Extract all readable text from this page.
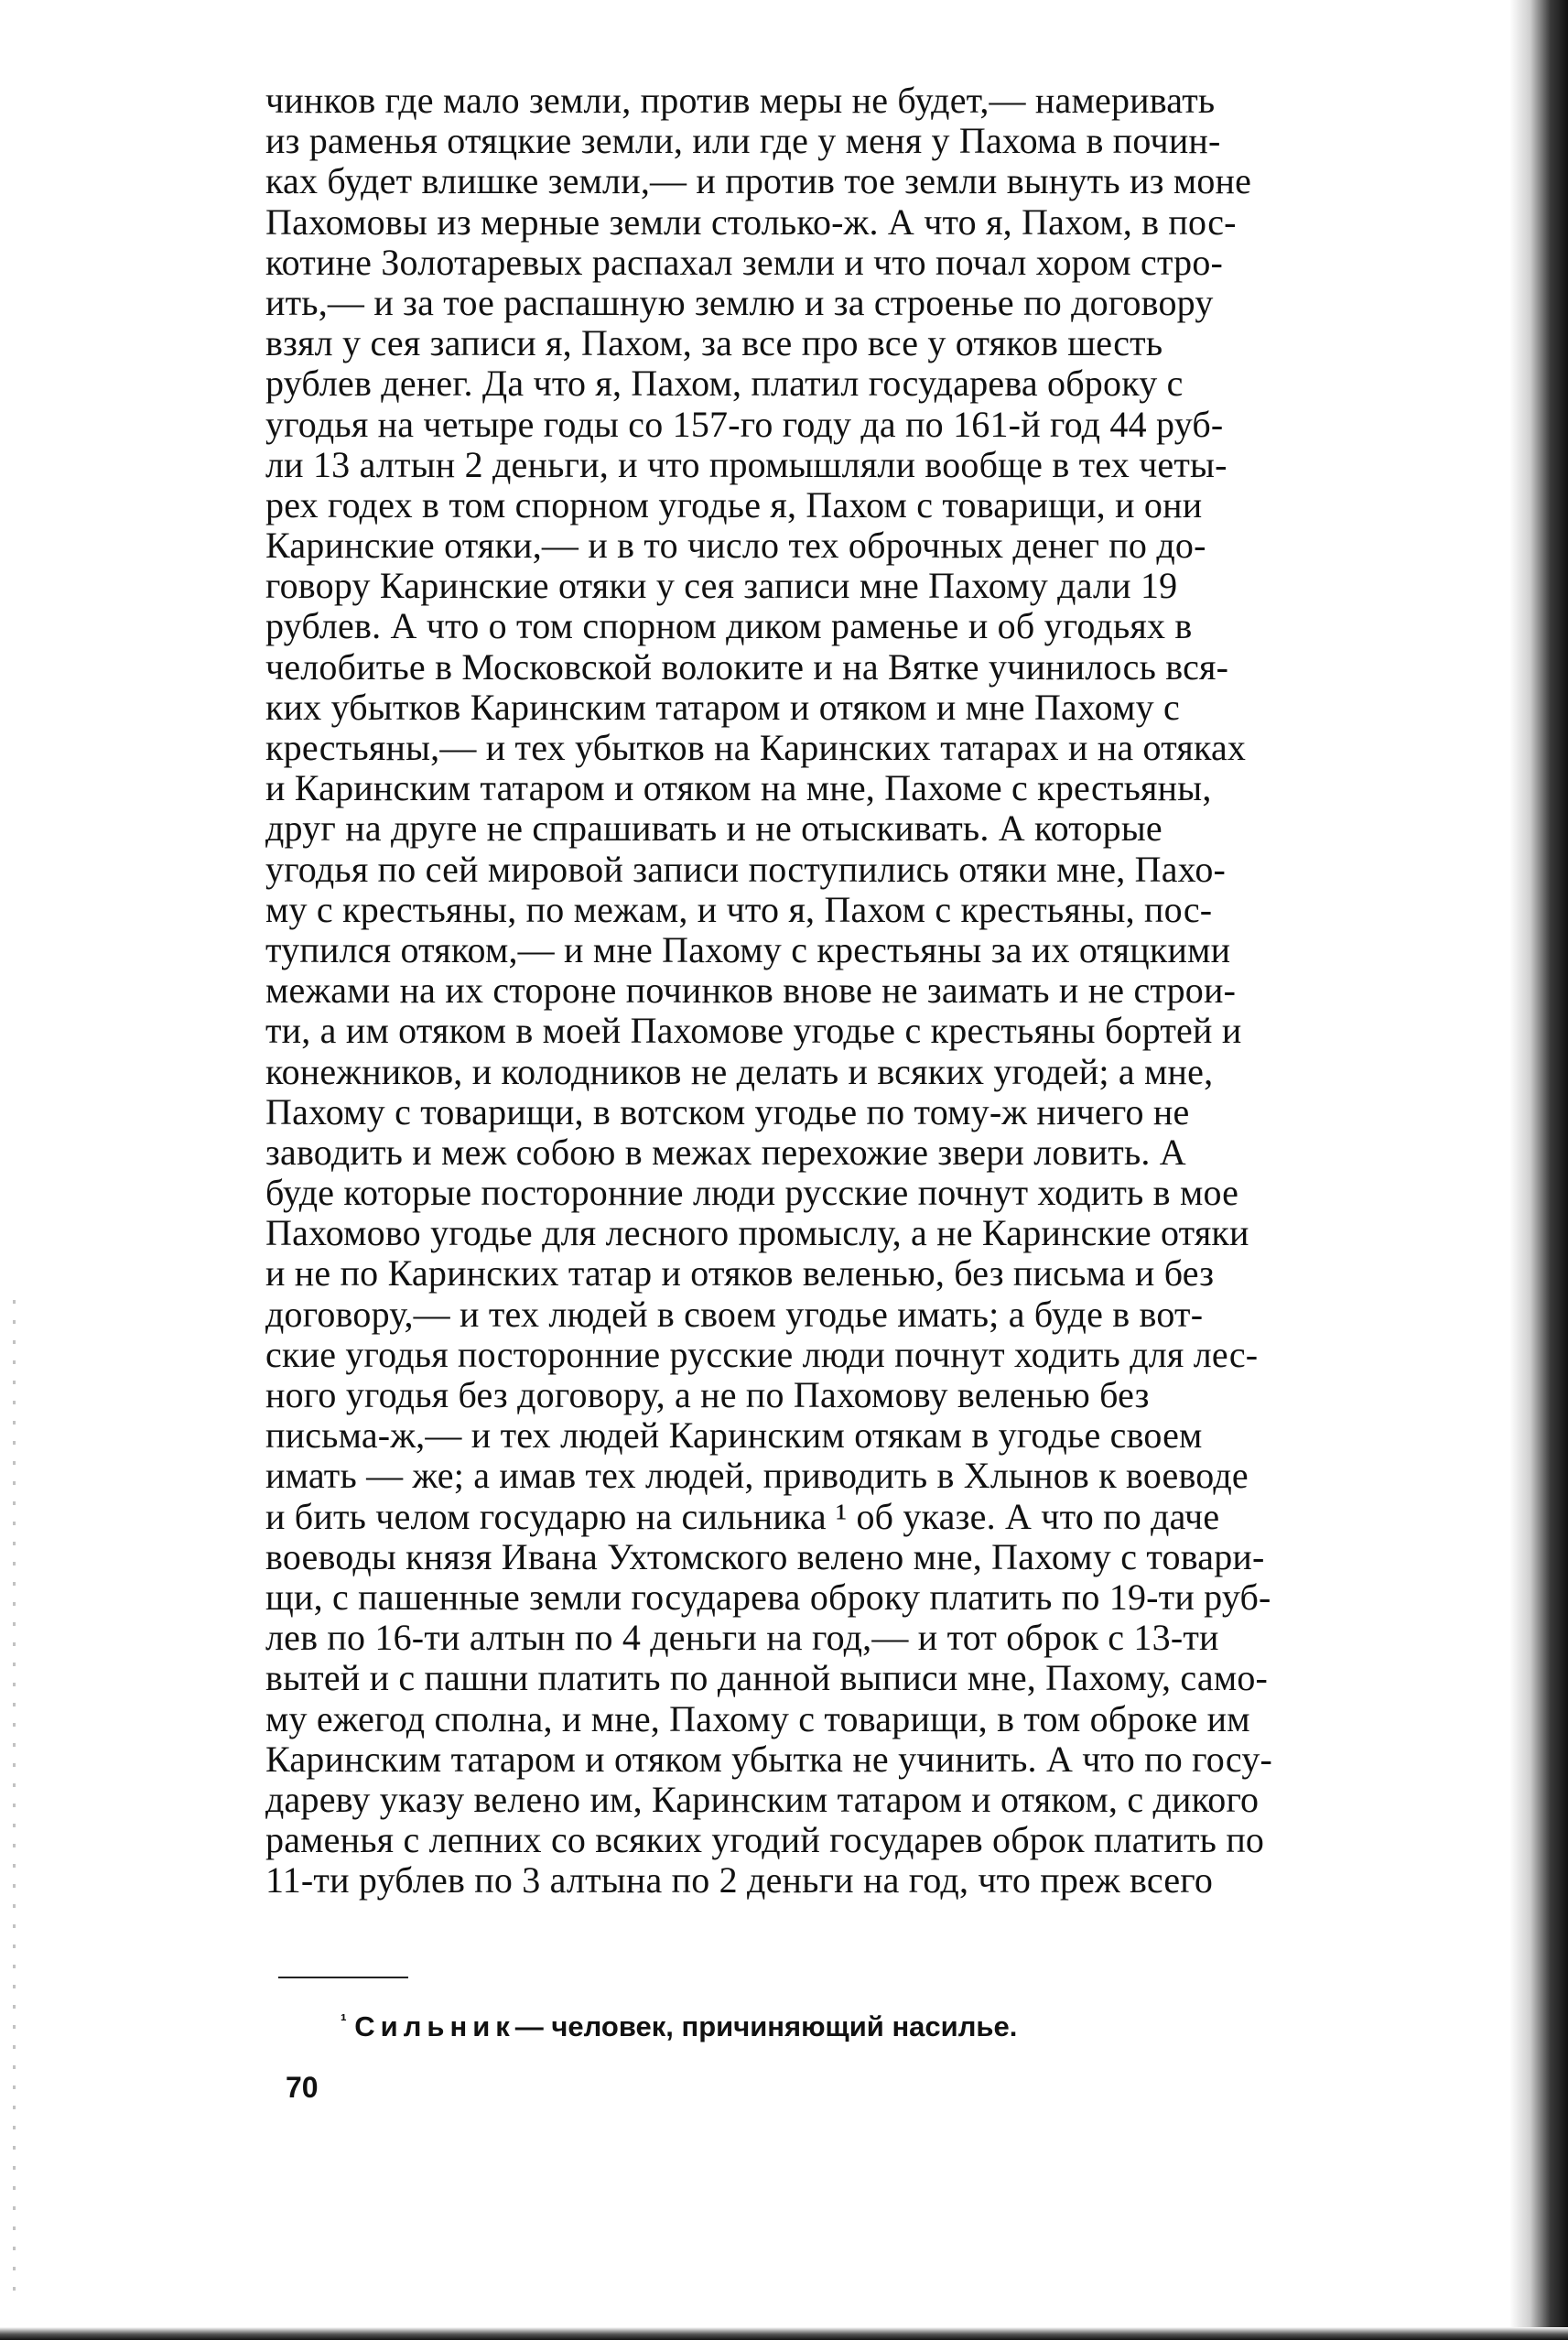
чинков где мало земли, против меры не будет,— намеривать
из раменья отяцкие земли, или где у меня у Пахома в почин-
ках будет влишке земли,— и против тое земли вынуть из моне
Пахомовы из мерные земли столько-ж. А что я, Пахом, в пос-
котине Золотаревых распахал земли и что почал хором стро-
ить,— и за тое распашную землю и за строенье по договору
взял у сея записи я, Пахом, за все про все у отяков шесть
рублев денег. Да что я, Пахом, платил государева оброку с
угодья на четыре годы со 157-го году да по 161-й год 44 руб-
ли 13 алтын 2 деньги, и что промышляли вообще в тех четы-
рех годех в том спорном угодье я, Пахом с товарищи, и они
Каринские отяки,— и в то число тех оброчных денег по до-
говору Каринские отяки у сея записи мне Пахому дали 19
рублев. А что о том спорном диком раменье и об угодьях в
челобитье в Московской волоките и на Вятке учинилось вся-
ких убытков Каринским татаром и отяком и мне Пахому с
крестьяны,— и тех убытков на Каринских татарах и на отяках
и Каринским татаром и отяком на мне, Пахоме с крестьяны,
друг на друге не спрашивать и не отыскивать. А которые
угодья по сей мировой записи поступились отяки мне, Пахо-
му с крестьяны, по межам, и что я, Пахом с крестьяны, пос-
тупился отяком,— и мне Пахому с крестьяны за их отяцкими
межами на их стороне починков внове не заимать и не строи-
ти, а им отяком в моей Пахомове угодье с крестьяны бортей и
конежников, и колодников не делать и всяких угодей; а мне,
Пахому с товарищи, в вотском угодье по тому-ж ничего не
заводить и меж собою в межах перехожие звери ловить. А
буде которые посторонние люди русские почнут ходить в мое
Пахомово угодье для лесного промыслу, а не Каринские отяки
и не по Каринских татар и отяков веленью, без письма и без
договору,— и тех людей в своем угодье имать; а буде в вот-
ские угодья посторонние русские люди почнут ходить для лес-
ного угодья без договору, а не по Пахомову веленью без
письма-ж,— и тех людей Каринским отякам в угодье своем
имать — же; а имав тех людей, приводить в Хлынов к воеводе
и бить челом государю на сильника ¹ об указе. А что по даче
воеводы князя Ивана Ухтомского велено мне, Пахому с товари-
щи, с пашенные земли государева оброку платить по 19-ти руб-
лев по 16-ти алтын по 4 деньги на год,— и тот оброк с 13-ти
вытей и с пашни платить по данной выписи мне, Пахому, само-
му ежегод сполна, и мне, Пахому с товарищи, в том оброке им
Каринским татаром и отяком убытка не учинить. А что по госу-
дареву указу велено им, Каринским татаром и отяком, с дикого
раменья с лепних со всяких угодий государев оброк платить по
11-ти рублев по 3 алтына по 2 деньги на год, что преж всего
$^{^1}$ Сильник— человек, причиняющий насилье.
70
